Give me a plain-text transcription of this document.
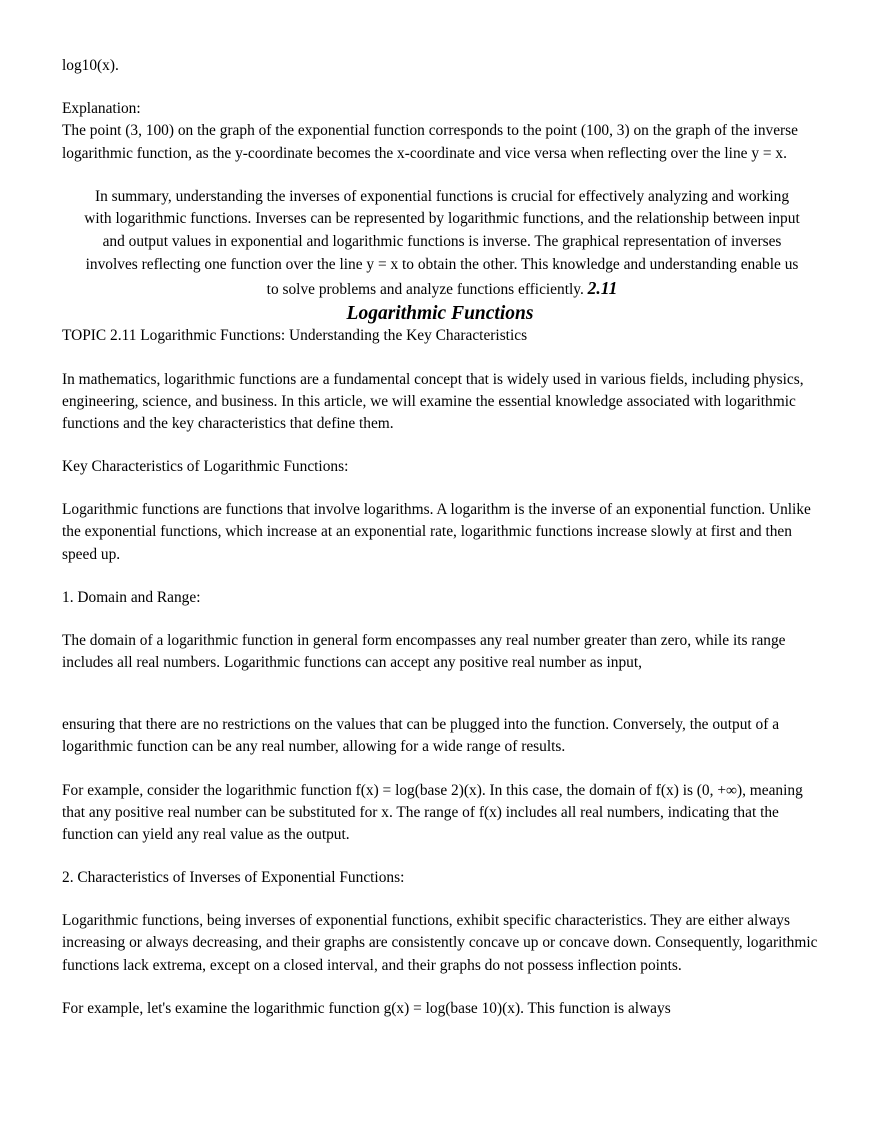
log10(x).

Explanation:

The point (3, 100) on the graph of the exponential function corresponds to the point (100, 3) on the graph of the inverse logarithmic function, as the y-coordinate becomes the x-coordinate and vice versa when reflecting over the line y = x.

In summary, understanding the inverses of exponential functions is crucial for effectively analyzing and working with logarithmic functions. Inverses can be represented by logarithmic functions, and the relationship between input and output values in exponential and logarithmic functions is inverse. The graphical representation of inverses involves reflecting one function over the line y = x to obtain the other. This knowledge and understanding enable us to solve problems and analyze functions efficiently. 2.11

Logarithmic Functions

TOPIC 2.11 Logarithmic Functions: Understanding the Key Characteristics

In mathematics, logarithmic functions are a fundamental concept that is widely used in various fields, including physics, engineering, science, and business. In this article, we will examine the essential knowledge associated with logarithmic functions and the key characteristics that define them.

Key Characteristics of Logarithmic Functions:

Logarithmic functions are functions that involve logarithms. A logarithm is the inverse of an exponential function. Unlike the exponential functions, which increase at an exponential rate, logarithmic functions increase slowly at first and then speed up.

1. Domain and Range:

The domain of a logarithmic function in general form encompasses any real number greater than zero, while its range includes all real numbers. Logarithmic functions can accept any positive real number as input,

ensuring that there are no restrictions on the values that can be plugged into the function. Conversely, the output of a logarithmic function can be any real number, allowing for a wide range of results.

For example, consider the logarithmic function f(x) = log(base 2)(x). In this case, the domain of f(x) is (0, +∞), meaning that any positive real number can be substituted for x. The range of f(x) includes all real numbers, indicating that the function can yield any real value as the output.

2. Characteristics of Inverses of Exponential Functions:

Logarithmic functions, being inverses of exponential functions, exhibit specific characteristics. They are either always increasing or always decreasing, and their graphs are consistently concave up or concave down. Consequently, logarithmic functions lack extrema, except on a closed interval, and their graphs do not possess inflection points.

For example, let's examine the logarithmic function g(x) = log(base 10)(x). This function is always
